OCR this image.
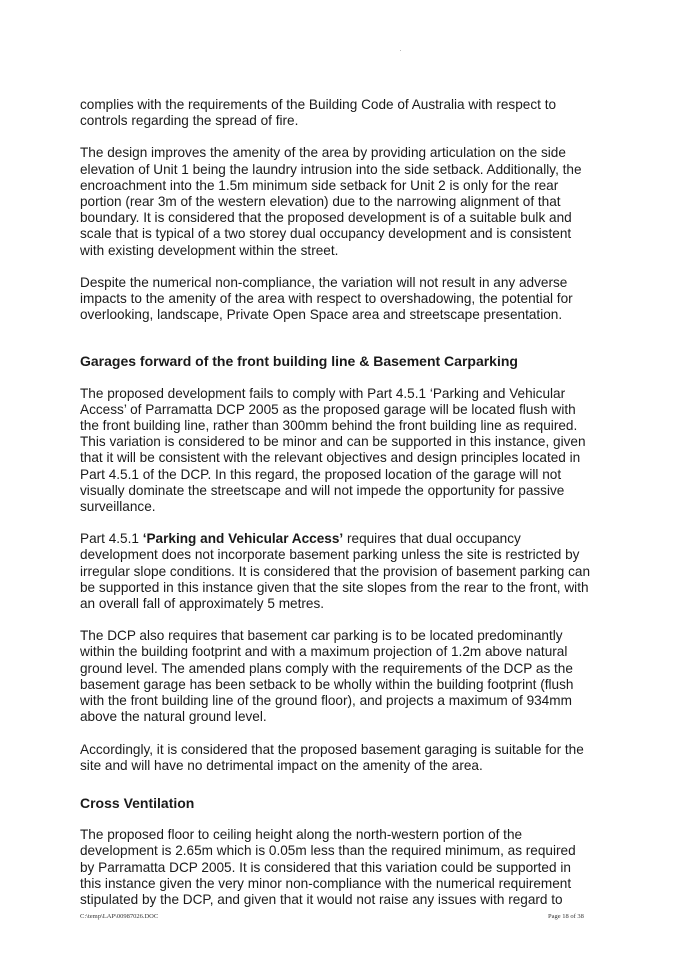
complies with the requirements of the Building Code of Australia with respect to controls regarding the spread of fire.

The design improves the amenity of the area by providing articulation on the side elevation of Unit 1 being the laundry intrusion into the side setback. Additionally, the encroachment into the 1.5m minimum side setback for Unit 2 is only for the rear portion (rear 3m of the western elevation) due to the narrowing alignment of that boundary. It is considered that the proposed development is of a suitable bulk and scale that is typical of a two storey dual occupancy development and is consistent with existing development within the street.

Despite the numerical non-compliance, the variation will not result in any adverse impacts to the amenity of the area with respect to overshadowing, the potential for overlooking, landscape, Private Open Space area and streetscape presentation.

Garages forward of the front building line & Basement Carparking

The proposed development fails to comply with Part 4.5.1 ‘Parking and Vehicular Access’ of Parramatta DCP 2005 as the proposed garage will be located flush with the front building line, rather than 300mm behind the front building line as required. This variation is considered to be minor and can be supported in this instance, given that it will be consistent with the relevant objectives and design principles located in Part 4.5.1 of the DCP. In this regard, the proposed location of the garage will not visually dominate the streetscape and will not impede the opportunity for passive surveillance.

Part 4.5.1 ‘Parking and Vehicular Access’ requires that dual occupancy development does not incorporate basement parking unless the site is restricted by irregular slope conditions. It is considered that the provision of basement parking can be supported in this instance given that the site slopes from the rear to the front, with an overall fall of approximately 5 metres.

The DCP also requires that basement car parking is to be located predominantly within the building footprint and with a maximum projection of 1.2m above natural ground level. The amended plans comply with the requirements of the DCP as the basement garage has been setback to be wholly within the building footprint (flush with the front building line of the ground floor), and projects a maximum of 934mm above the natural ground level.

Accordingly, it is considered that the proposed basement garaging is suitable for the site and will have no detrimental impact on the amenity of the area.

Cross Ventilation

The proposed floor to ceiling height along the north-western portion of the development is 2.65m which is 0.05m less than the required minimum, as required by Parramatta DCP 2005. It is considered that this variation could be supported in this instance given the very minor non-compliance with the numerical requirement stipulated by the DCP, and given that it would not raise any issues with regard to

C:\temp\LAP\00987026.DOC	Page 18 of 38
